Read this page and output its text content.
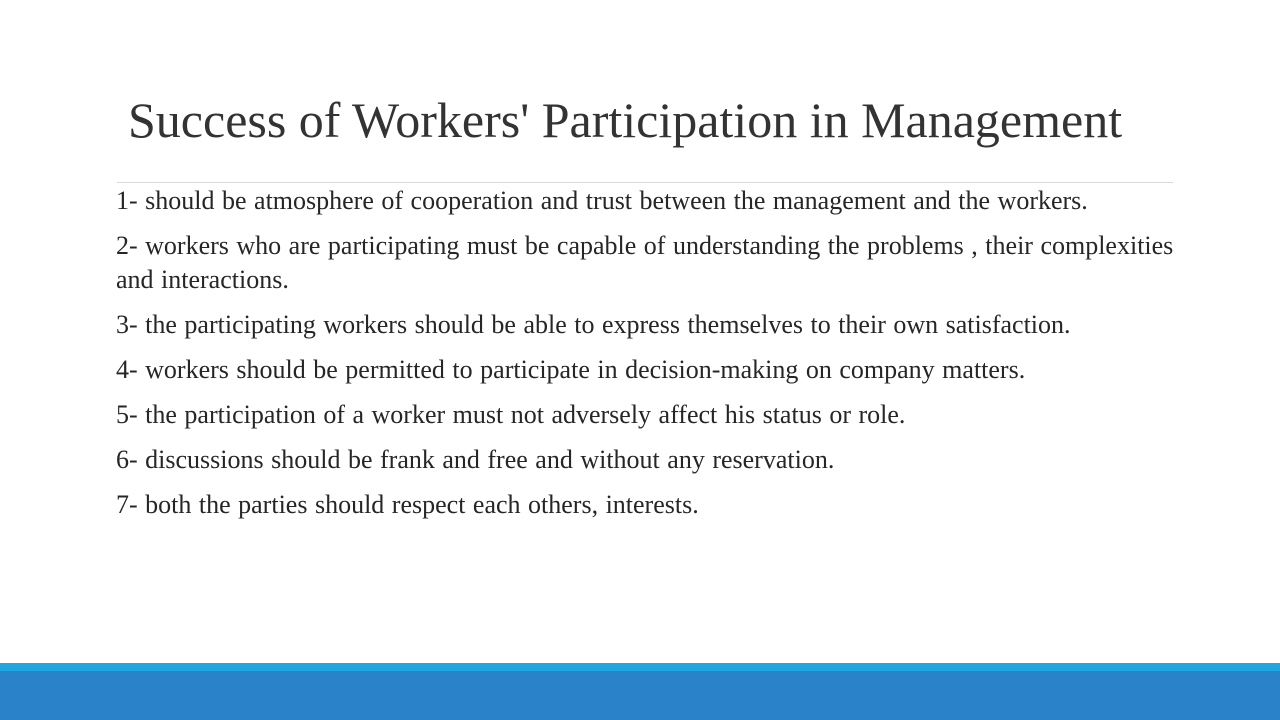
Success of Workers' Participation in Management
1- should be atmosphere of cooperation and trust between the management and the workers.
2- workers who are participating must be capable of understanding the problems , their complexities and interactions.
3- the participating workers should be able to express themselves to their own satisfaction.
4- workers should be permitted to participate in decision-making on company matters.
5- the participation of a worker must not adversely affect his status or role.
6- discussions should be frank and free and without any reservation.
7- both the parties should respect each others, interests.
